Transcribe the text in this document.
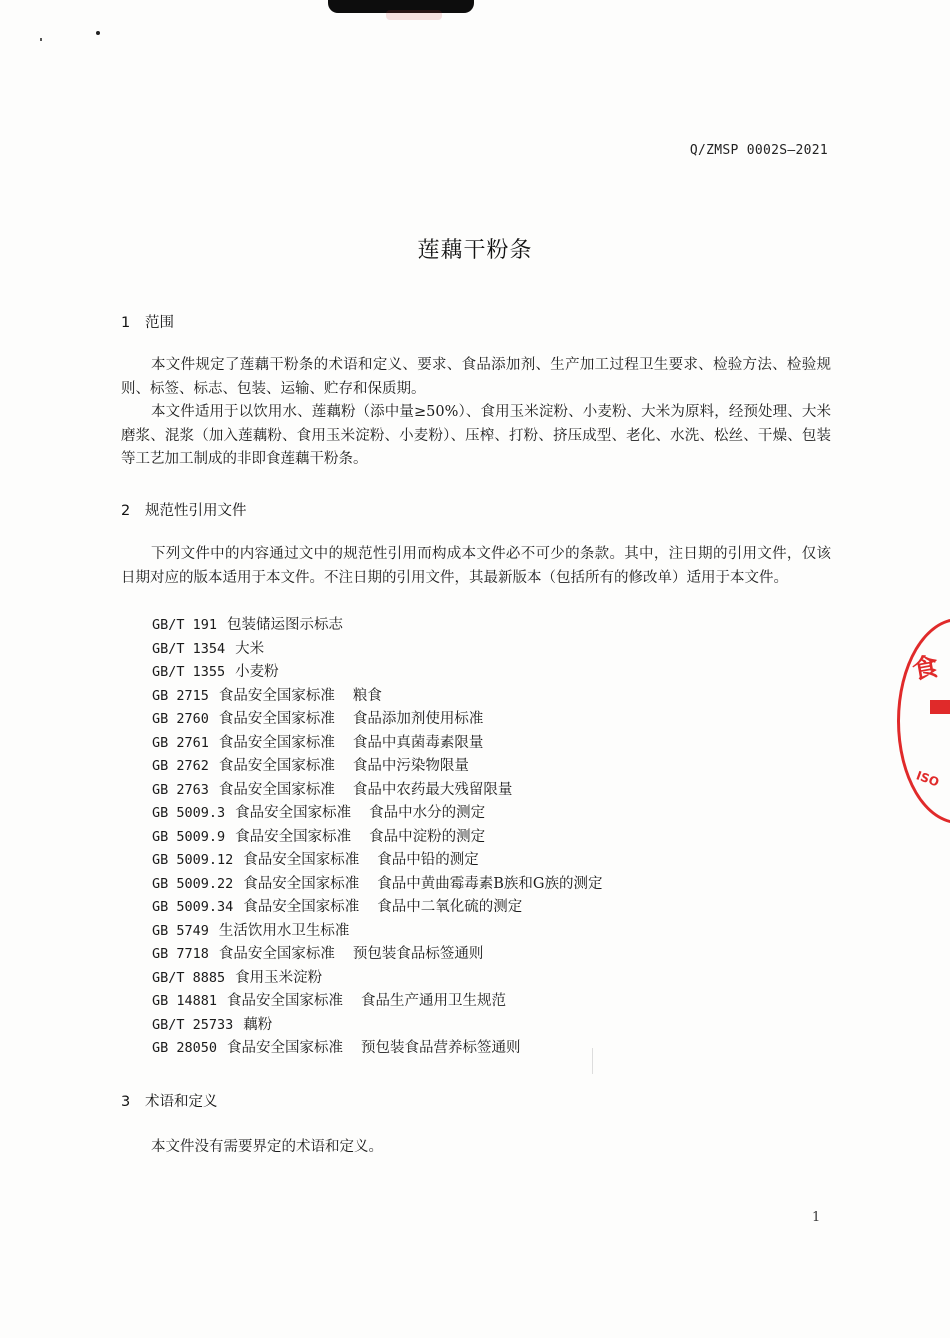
Q/ZMSP 0002S—2021
莲藕干粉条
1 范围

本文件规定了莲藕干粉条的术语和定义、要求、食品添加剂、生产加工过程卫生要求、检验方法、检验规则、标签、标志、包装、运输、贮存和保质期。

本文件适用于以饮用水、莲藕粉（添中量≥50%）、食用玉米淀粉、小麦粉、大米为原料，经预处理、大米磨浆、混浆（加入莲藕粉、食用玉米淀粉、小麦粉）、压榨、打粉、挤压成型、老化、水洗、松丝、干燥、包装等工艺加工制成的非即食莲藕干粉条。

2 规范性引用文件

下列文件中的内容通过文中的规范性引用而构成本文件必不可少的条款。其中，注日期的引用文件，仅该日期对应的版本适用于本文件。不注日期的引用文件，其最新版本（包括所有的修改单）适用于本文件。

GB/T 191 包装储运图示标志
GB/T 1354 大米
GB/T 1355 小麦粉
GB 2715 食品安全国家标准 粮食
GB 2760 食品安全国家标准 食品添加剂使用标准
GB 2761 食品安全国家标准 食品中真菌毒素限量
GB 2762 食品安全国家标准 食品中污染物限量
GB 2763 食品安全国家标准 食品中农药最大残留限量
GB 5009.3 食品安全国家标准 食品中水分的测定
GB 5009.9 食品安全国家标准 食品中淀粉的测定
GB 5009.12 食品安全国家标准 食品中铅的测定
GB 5009.22 食品安全国家标准 食品中黄曲霉毒素B族和G族的测定
GB 5009.34 食品安全国家标准 食品中二氧化硫的测定
GB 5749 生活饮用水卫生标准
GB 7718 食品安全国家标准 预包装食品标签通则
GB/T 8885 食用玉米淀粉
GB 14881 食品安全国家标准 食品生产通用卫生规范
GB/T 25733 藕粉
GB 28050 食品安全国家标准 预包装食品营养标签通则
3 术语和定义

本文件没有需要界定的术语和定义。

1
食
ISO
